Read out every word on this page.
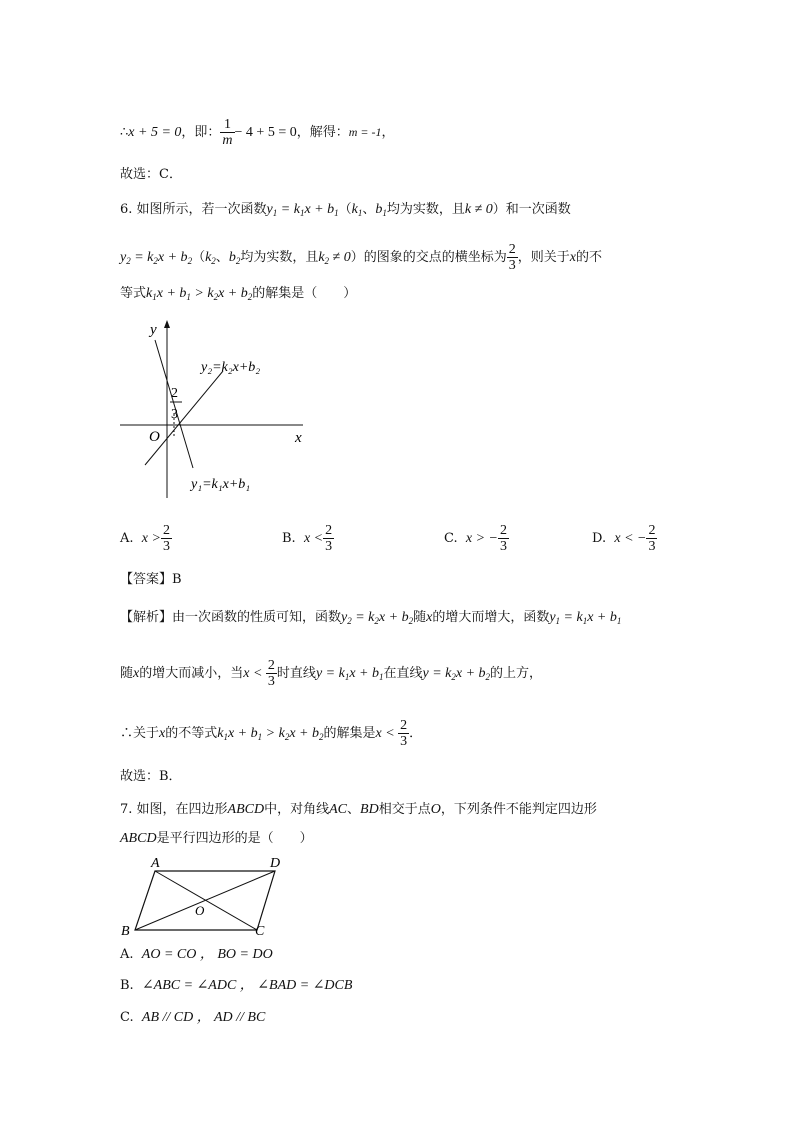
∴x + 5 = 0，即： $\frac{1}{m} - 4 + 5 = 0$，解得：m = -1，
故选：C．
6. 如图所示，若一次函数$y_1 = k_1x + b_1(k_1$、$b_1$均为实数，且k ≠ 0）和一次函数
$y_2 = k_2x + b_2(k_2$、$b_2$均为实数，且$k_2 \ne 0$）的图象的交点的横坐标为 $\frac{2}{3}$ ，则关于x的不
等式$k_1x + b_1 > k_2x + b_2$的解集是（　　）
y
x
O
2
3
y₂=k₂x+b₂
y₁=k₁x+b₁
A. $x > \frac{2}{3}$	B. $x < \frac{2}{3}$	C. x > − $\frac{2}{3}$	D. x < − $\frac{2}{3}$
【答案】B
【解析】由一次函数的性质可知，函数$y_2 = k_2x + b_2$随x的增大而增大，函数$y_1 = k_1x + b_1$
随x的增大而减小，当$x < \frac{2}{3}$ 时直线$y = k_1x + b_1$在直线$y = k_2x + b_2$的上方，
∴关于x的不等式$k_1x + b_1 > k_2x + b_2$的解集是$x < \frac{2}{3}$ ．
故选：B．
7. 如图，在四边形ABCD中，对角线AC、BD相交于点O，下列条件不能判定四边形
ABCD是平行四边形的是（　　）
A	D
B	C
O
A. AO = CO ， BO = DO
B. ∠ABC = ∠ADC ， ∠BAD = ∠DCB
C. AB // CD ， AD // BC
